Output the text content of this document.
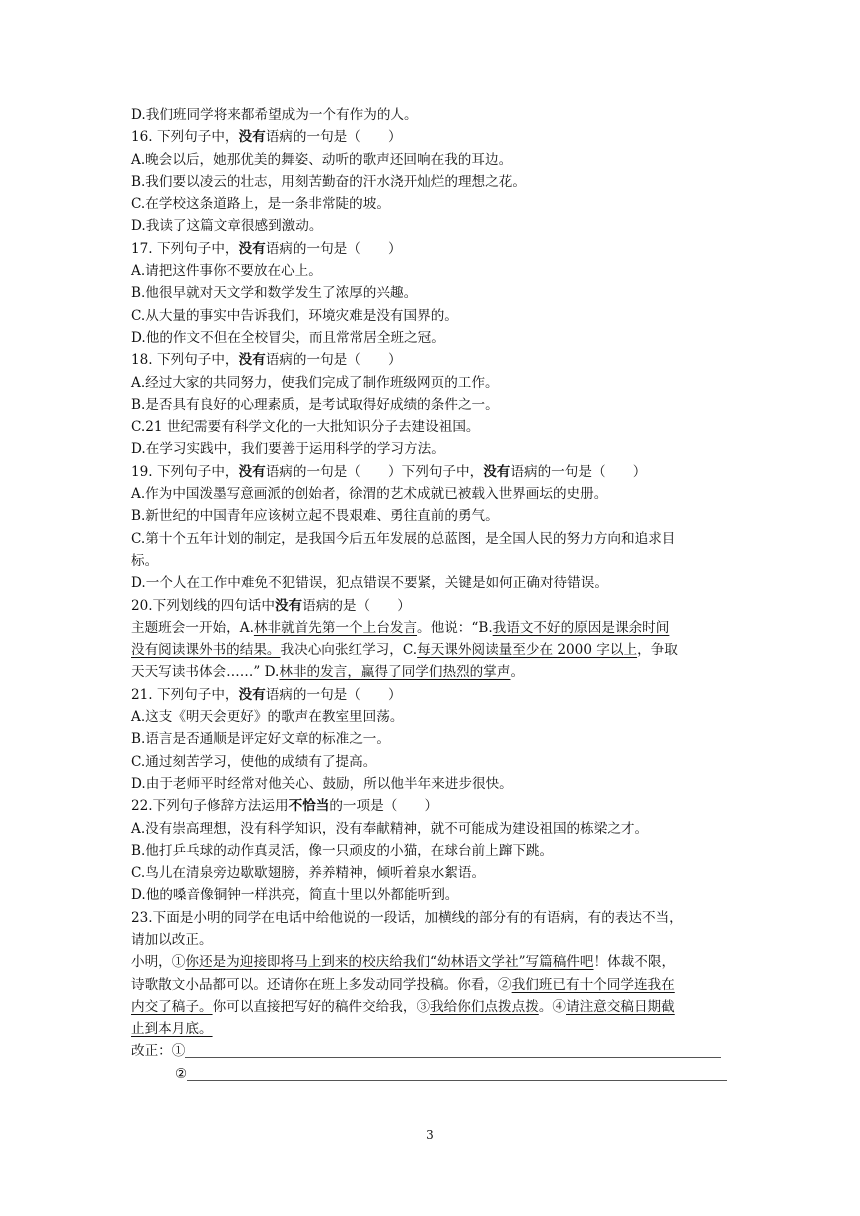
D.我们班同学将来都希望成为一个有作为的人。
16. 下列句子中，没有语病的一句是（　　）
A.晚会以后，她那优美的舞姿、动听的歌声还回响在我的耳边。
B.我们要以凌云的壮志，用刻苦勤奋的汗水浇开灿烂的理想之花。
C.在学校这条道路上，是一条非常陡的坡。
D.我读了这篇文章很感到激动。
17. 下列句子中，没有语病的一句是（　　）
A.请把这件事你不要放在心上。
B.他很早就对天文学和数学发生了浓厚的兴趣。
C.从大量的事实中告诉我们，环境灾难是没有国界的。
D.他的作文不但在全校冒尖，而且常常居全班之冠。
18. 下列句子中，没有语病的一句是（　　）
A.经过大家的共同努力，使我们完成了制作班级网页的工作。
B.是否具有良好的心理素质，是考试取得好成绩的条件之一。
C.21 世纪需要有科学文化的一大批知识分子去建设祖国。
D.在学习实践中，我们要善于运用科学的学习方法。
19. 下列句子中，没有语病的一句是（　　）下列句子中，没有语病的一句是（　　）
A.作为中国泼墨写意画派的创始者，徐渭的艺术成就已被载入世界画坛的史册。
B.新世纪的中国青年应该树立起不畏艰难、勇往直前的勇气。
C.第十个五年计划的制定，是我国今后五年发展的总蓝图，是全国人民的努力方向和追求目
标。
D.一个人在工作中难免不犯错误，犯点错误不要紧，关键是如何正确对待错误。
20.下列划线的四句话中没有语病的是（　　）
主题班会一开始，A.林非就首先第一个上台发言。他说：“B.我语文不好的原因是课余时间
没有阅读课外书的结果。我决心向张红学习，C.每天课外阅读量至少在 2000 字以上，争取
天天写读书体会……” D.林非的发言，赢得了同学们热烈的掌声。
21. 下列句子中，没有语病的一句是（　　）
A.这支《明天会更好》的歌声在教室里回荡。
B.语言是否通顺是评定好文章的标准之一。
C.通过刻苦学习，使他的成绩有了提高。
D.由于老师平时经常对他关心、鼓励，所以他半年来进步很快。
22.下列句子修辞方法运用不恰当的一项是（　　）
A.没有崇高理想，没有科学知识，没有奉献精神，就不可能成为建设祖国的栋梁之才。
B.他打乒乓球的动作真灵活，像一只顽皮的小猫，在球台前上蹿下跳。
C.鸟儿在清泉旁边歇歇翅膀，养养精神，倾听着泉水絮语。
D.他的嗓音像铜钟一样洪亮，简直十里以外都能听到。
23.下面是小明的同学在电话中给他说的一段话，加横线的部分有的有语病，有的表达不当，
请加以改正。
小明，①你还是为迎接即将马上到来的校庆给我们“幼林语文学社”写篇稿件吧！体裁不限，
诗歌散文小品都可以。还请你在班上多发动同学投稿。你看，②我们班已有十个同学连我在
内交了稿子。你可以直接把写好的稿件交给我，③我给你们点拨点拨。④请注意交稿日期截
止到本月底。
改正：①
②
3
